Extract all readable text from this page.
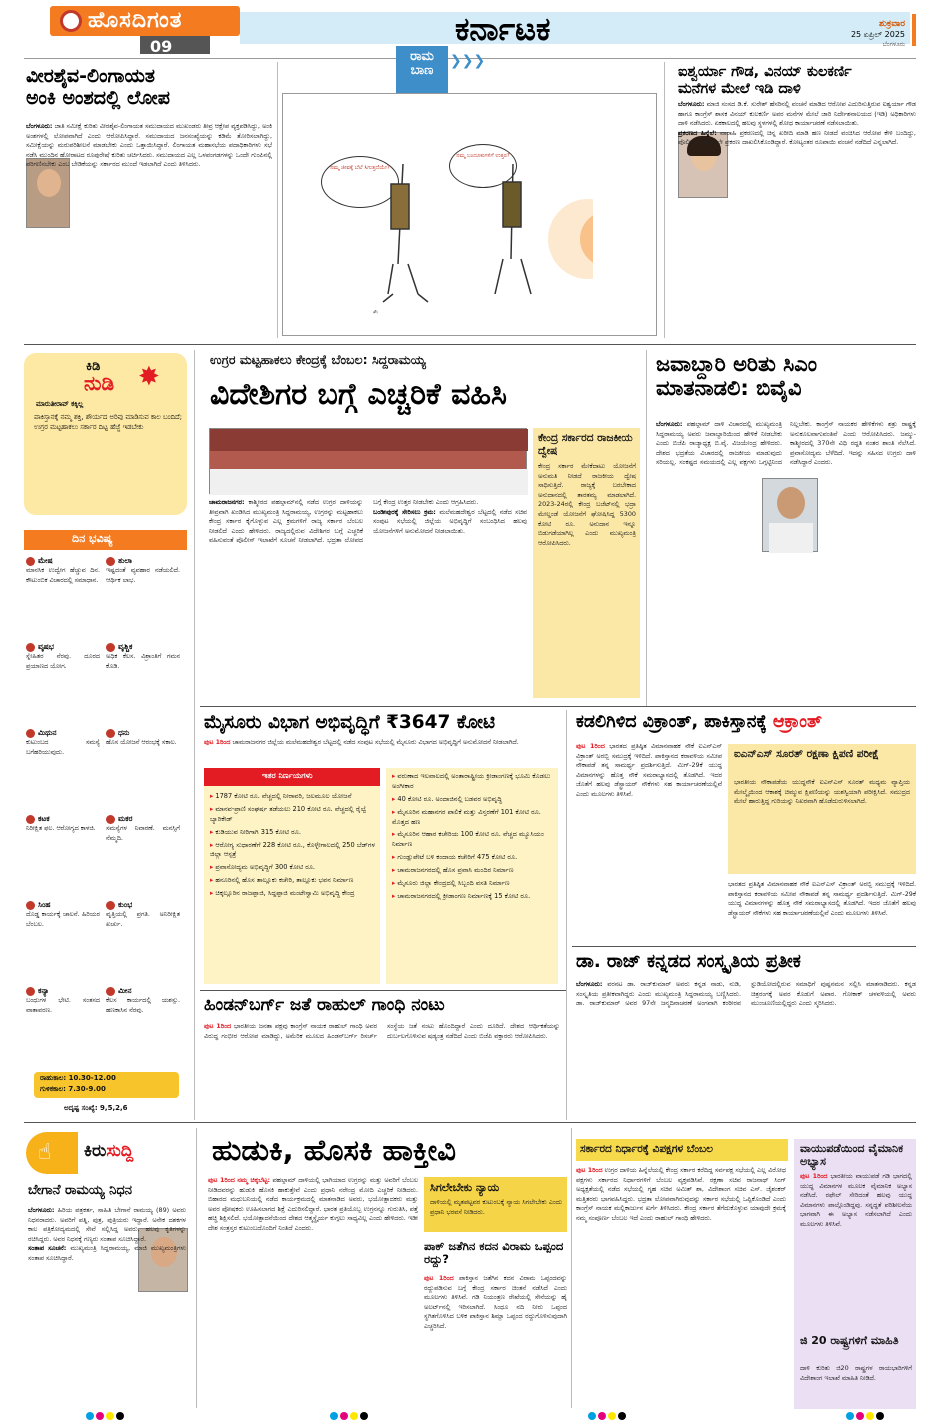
ಹೊಸದಿಗಂತ
09	ಕರ್ನಾಟಕ	ಶುಕ್ರವಾರ
25 ಏಪ್ರಿಲ್ 2025
ಬೆಂಗಳೂರು
ವೀರಶೈವ-ಲಿಂಗಾಯತ
ಅಂಕಿ ಅಂಶದಲ್ಲಿ ಲೋಪ
ಬೆಂಗಳೂರು: ಜಾತಿ ಸಮೀಕ್ಷೆ ಕುರಿತು ವೀರಶೈವ-ಲಿಂಗಾಯತ ಸಮುದಾಯದ ಮುಖಂಡರು ತೀವ್ರ ಆಕ್ಷೇಪ ವ್ಯಕ್ತಪಡಿಸಿದ್ದು, ಅಂಕಿ ಅಂಶಗಳಲ್ಲಿ ಲೋಪವಾಗಿದೆ ಎಂದು ಆರೋಪಿಸಿದ್ದಾರೆ. ಸಮುದಾಯದ ಜನಸಂಖ್ಯೆಯನ್ನು ಕಡಿಮೆ ತೋರಿಸಲಾಗಿದ್ದು, ಸಮೀಕ್ಷೆಯನ್ನು ಮರುಪರಿಶೀಲನೆ ಮಾಡಬೇಕು ಎಂದು ಒತ್ತಾಯಿಸಿದ್ದಾರೆ. ಲಿಂಗಾಯತ ಮಹಾಸಭೆಯ ಪದಾಧಿಕಾರಿಗಳು ಸಭೆ ನಡೆಸಿ ಮುಂದಿನ ಹೋರಾಟದ ರೂಪುರೇಷೆ ಕುರಿತು ಚರ್ಚಿಸಿದರು. ಸಮುದಾಯದ ಎಲ್ಲ ಒಳಪಂಗಡಗಳನ್ನು ಒಂದೇ ಗುಂಪಿನಲ್ಲಿ ಪರಿಗಣಿಸಬೇಕು ಎಂಬ ಬೇಡಿಕೆಯನ್ನು ಸರ್ಕಾರದ ಮುಂದೆ ಇಡಲಾಗಿದೆ ಎಂದು ತಿಳಿಸಿದರು.
ರಾಮ
ಬಾಣ
❯❯❯
ನಮ್ಮ ಜೀವಕ್ಕೆ ಬೆಲೆ ಸಿಗುತ್ತದೆಯೇ?
ನಮ್ಮ ಬಂದೂಕುಗಳಿಗೆ ಉತ್ತರ?
✍
ಐಶ್ವರ್ಯಾ ಗೌಡ, ವಿನಯ್ ಕುಲಕರ್ಣಿ
ಮನೆಗಳ ಮೇಲೆ ಇಡಿ ದಾಳಿ
ಬೆಂಗಳೂರು: ಮಾಜಿ ಸಂಸದ ಡಿ.ಕೆ. ಸುರೇಶ್ ಹೆಸರಿನಲ್ಲಿ ವಂಚನೆ ಮಾಡಿದ ಆರೋಪ ಎದುರಿಸುತ್ತಿರುವ ಐಶ್ವರ್ಯಾ ಗೌಡ ಹಾಗೂ ಕಾಂಗ್ರೆಸ್ ಶಾಸಕ ವಿನಯ್ ಕುಲಕರ್ಣಿ ಅವರ ಮನೆಗಳ ಮೇಲೆ ಜಾರಿ ನಿರ್ದೇಶನಾಲಯದ (ಇಡಿ) ಅಧಿಕಾರಿಗಳು ದಾಳಿ ನಡೆಸಿದರು. ಏಕಕಾಲದಲ್ಲಿ ಹಲವು ಸ್ಥಳಗಳಲ್ಲಿ ಶೋಧ ಕಾರ್ಯಾಚರಣೆ ನಡೆಸಲಾಯಿತು.
ಪ್ರಕರಣದ ಹಿನ್ನೆಲೆ: ವಾರಾಹಿ ಪ್ರಕರಣದಲ್ಲಿ ಚಿನ್ನ ಖರೀದಿ ಮಾಡಿ ಹಣ ನೀಡದೆ ವಂಚಿಸಿದ ಆರೋಪ ಕೇಳಿ ಬಂದಿದ್ದು, ಪೊಲೀಸರು ಈಗಾಗಲೇ ಪ್ರಕರಣ ದಾಖಲಿಸಿಕೊಂಡಿದ್ದಾರೆ. ಕೋಟ್ಯಂತರ ರೂಪಾಯಿ ವಂಚನೆ ನಡೆದಿದೆ ಎನ್ನಲಾಗಿದೆ.
ಕಿಡಿ
ನುಡಿ ✸
ಮಾರುತೀರಾವ್ ಕಕ್ಕಿಲ್ಲ
ಪಾಕಿಸ್ತಾನಕ್ಕೆ ನಮ್ಮ ಶಕ್ತಿ, ಶೌರ್ಯದ ಅರಿವು ಮಾಡಿಸುವ ಕಾಲ ಬಂದಿದೆ; ಉಗ್ರರ ಮಟ್ಟಹಾಕಲು ಸರ್ಕಾರ ದಿಟ್ಟ ಹೆಜ್ಜೆ ಇಡಬೇಕು
ದಿನ ಭವಿಷ್ಯ
ಮೇಷ
ಮಾನಸಿಕ ಉದ್ವೇಗ ಹೆಚ್ಚುವ ದಿನ. ಕೌಟುಂಬಿಕ ವಿಚಾರದಲ್ಲಿ ಸಮಾಧಾನ.
ತುಲಾ
ಇಷ್ಟದಂತೆ ವ್ಯವಹಾರ ನಡೆಯಲಿದೆ. ಆರ್ಥಿಕ ಲಾಭ.
ವೃಷಭ
ಸ್ನೇಹಿತರ ನೆರವು. ದೂರದ ಪ್ರಯಾಣದ ಯೋಗ.
ವೃಶ್ಚಿಕ
ಅಧಿಕ ಕೆಲಸ. ವಿಶ್ರಾಂತಿಗೆ ಗಮನ ಕೊಡಿ.
ಮಿಥುನ
ಕುಟುಂಬದ ಸಮಸ್ಯೆ ಬಗೆಹರಿಯುವುದು.
ಧನು
ಹೊಸ ಯೋಜನೆ ಆರಂಭಕ್ಕೆ ಸಕಾಲ.
ಕಟಕ
ನಿರೀಕ್ಷಿತ ಫಲ. ಆರೋಗ್ಯದ ಕಾಳಜಿ.
ಮಕರ
ಸಮಸ್ಯೆಗಳ ನಿವಾರಣೆ. ಮನಸ್ಸಿಗೆ ನೆಮ್ಮದಿ.
ಸಿಂಹ
ದೊಡ್ಡ ಕಾರ್ಯಕ್ಕೆ ಚಾಲನೆ. ಹಿರಿಯರ ಬೆಂಬಲ.
ಕುಂಭ
ವೃತ್ತಿಯಲ್ಲಿ ಪ್ರಗತಿ. ಅನಿರೀಕ್ಷಿತ ಖರ್ಚು.
ಕನ್ಯಾ
ಬಂಧುಗಳ ಭೇಟಿ. ಸಂತಸದ ವಾತಾವರಣ.
ಮೀನ
ಕೆಲಸ ಕಾರ್ಯದಲ್ಲಿ ಯಶಸ್ಸು. ಹಣಕಾಸಿನ ನೆರವು.
ರಾಹುಕಾಲ: 10.30-12.00
ಗುಳಿಕಕಾಲ: 7.30-9.00
ಅದೃಷ್ಟ ಸಂಖ್ಯೆ: 9,5,2,6
ಉಗ್ರರ ಮಟ್ಟಹಾಕಲು ಕೇಂದ್ರಕ್ಕೆ ಬೆಂಬಲ: ಸಿದ್ದರಾಮಯ್ಯ
ವಿದೇಶಿಗರ ಬಗ್ಗೆ ಎಚ್ಚರಿಕೆ ವಹಿಸಿ
ಚಾಮರಾಜನಗರ: ಕಾಶ್ಮೀರದ ಪಹಲ್ಗಾಮ್‌ನಲ್ಲಿ ನಡೆದ ಉಗ್ರರ ದಾಳಿಯನ್ನು ತೀವ್ರವಾಗಿ ಖಂಡಿಸಿದ ಮುಖ್ಯಮಂತ್ರಿ ಸಿದ್ದರಾಮಯ್ಯ, ಉಗ್ರರನ್ನು ಮಟ್ಟಹಾಕಲು ಕೇಂದ್ರ ಸರ್ಕಾರ ಕೈಗೊಳ್ಳುವ ಎಲ್ಲ ಕ್ರಮಗಳಿಗೆ ರಾಜ್ಯ ಸರ್ಕಾರ ಬೆಂಬಲ ನೀಡಲಿದೆ ಎಂದು ಹೇಳಿದರು. ರಾಜ್ಯದಲ್ಲಿರುವ ವಿದೇಶಿಗರ ಬಗ್ಗೆ ಎಚ್ಚರಿಕೆ ವಹಿಸುವಂತೆ ಪೊಲೀಸ್ ಇಲಾಖೆಗೆ ಸೂಚನೆ ನೀಡಲಾಗಿದೆ. ಭದ್ರತಾ ಲೋಪದ ಬಗ್ಗೆ ಕೇಂದ್ರ ಉತ್ತರ ನೀಡಬೇಕು ಎಂದು ಆಗ್ರಹಿಸಿದರು.
ಬಂಡೀಪುರಕ್ಕೆ ಸೇರಿಸಲು ಕ್ರಮ: ಮಲೆಮಹದೇಶ್ವರ ಬೆಟ್ಟದಲ್ಲಿ ನಡೆದ ಸಚಿವ ಸಂಪುಟ ಸಭೆಯಲ್ಲಿ ಜಿಲ್ಲೆಯ ಅಭಿವೃದ್ಧಿಗೆ ಸಂಬಂಧಿಸಿದ ಹಲವು ಯೋಜನೆಗಳಿಗೆ ಅನುಮೋದನೆ ನೀಡಲಾಯಿತು.
ಕೇಂದ್ರ ಸರ್ಕಾರದ ರಾಜಕೀಯ ದ್ವೇಷ
ಕೇಂದ್ರ ಸರ್ಕಾರ ಮೇಕೆದಾಟು ಯೋಜನೆಗೆ ಅನುಮತಿ ನೀಡದೆ ರಾಜಕೀಯ ದ್ವೇಷ ಸಾಧಿಸುತ್ತಿದೆ. ರಾಜ್ಯಕ್ಕೆ ಬರಬೇಕಾದ ಅನುದಾನದಲ್ಲಿ ತಾರತಮ್ಯ ಮಾಡಲಾಗಿದೆ. 2023-24ರಲ್ಲಿ ಕೇಂದ್ರ ಬಜೆಟ್‌ನಲ್ಲಿ ಭದ್ರಾ ಮೇಲ್ದಂಡೆ ಯೋಜನೆಗೆ ಘೋಷಿಸಿದ್ದ 5300 ಕೋಟಿ ರೂ. ಅನುದಾನ ಇನ್ನೂ ಬಿಡುಗಡೆಯಾಗಿಲ್ಲ ಎಂದು ಮುಖ್ಯಮಂತ್ರಿ ಆರೋಪಿಸಿದರು.
ಜವಾಬ್ದಾರಿ ಅರಿತು ಸಿಎಂ
ಮಾತನಾಡಲಿ: ಬಿವೈವಿ
ಬೆಂಗಳೂರು: ಪಹಲ್ಗಾಮ್ ದಾಳಿ ವಿಚಾರದಲ್ಲಿ ಮುಖ್ಯಮಂತ್ರಿ ಸಿದ್ದರಾಮಯ್ಯ ಅವರು ಜವಾಬ್ದಾರಿಯಿಂದ ಹೇಳಿಕೆ ನೀಡಬೇಕು ಎಂದು ಬಿಜೆಪಿ ರಾಜ್ಯಾಧ್ಯಕ್ಷ ಬಿ.ವೈ. ವಿಜಯೇಂದ್ರ ಹೇಳಿದರು. ದೇಶದ ಭದ್ರತೆಯ ವಿಚಾರದಲ್ಲಿ ರಾಜಕೀಯ ಮಾಡುವುದು ಸರಿಯಲ್ಲ. ಸಂಕಷ್ಟದ ಸಮಯದಲ್ಲಿ ಎಲ್ಲ ಪಕ್ಷಗಳು ಒಗ್ಗಟ್ಟಿನಿಂದ ನಿಲ್ಲಬೇಕು. ಕಾಂಗ್ರೆಸ್ ನಾಯಕರ ಹೇಳಿಕೆಗಳು ಶತ್ರು ರಾಷ್ಟ್ರಕ್ಕೆ ಅನುಕೂಲವಾಗುವಂತಿವೆ ಎಂದು ಆರೋಪಿಸಿದರು. ಜಮ್ಮು-ಕಾಶ್ಮೀರದಲ್ಲಿ 370ನೇ ವಿಧಿ ರದ್ದತಿ ನಂತರ ಶಾಂತಿ ನೆಲೆಸಿದೆ. ಪ್ರವಾಸೋದ್ಯಮ ಬೆಳೆದಿದೆ. ಇದನ್ನು ಸಹಿಸದ ಉಗ್ರರು ದಾಳಿ ನಡೆಸಿದ್ದಾರೆ ಎಂದರು.
ಮೈಸೂರು ವಿಭಾಗ ಅಭಿವೃದ್ಧಿಗೆ ₹3647 ಕೋಟಿ
ಪುಟ 1ರಿಂದ ಚಾಮರಾಜನಗರ ಜಿಲ್ಲೆಯ ಮಲೆಮಹದೇಶ್ವರ ಬೆಟ್ಟದಲ್ಲಿ ನಡೆದ ಸಂಪುಟ ಸಭೆಯಲ್ಲಿ ಮೈಸೂರು ವಿಭಾಗದ ಅಭಿವೃದ್ಧಿಗೆ ಅನುಮೋದನೆ ನೀಡಲಾಗಿದೆ.
ಇತರ ನಿರ್ಣಯಗಳು
▸ 1787 ಕೋಟಿ ರೂ. ವೆಚ್ಚದಲ್ಲಿ ನೀರಾವರಿ, ಜಲಮೂಲ ಯೋಜನೆ
▸ ಮಾನವ-ಪ್ರಾಣಿ ಸಂಘರ್ಷ ತಡೆಯಲು 210 ಕೋಟಿ ರೂ. ವೆಚ್ಚದಲ್ಲಿ ರೈಲ್ವೆ ಬ್ಯಾರಿಕೇಡ್
▸ ಕುಡಿಯುವ ನೀರಿಗಾಗಿ 315 ಕೋಟಿ ರೂ.
▸ ಆರೋಗ್ಯ ಸುಧಾರಣೆಗೆ 228 ಕೋಟಿ ರೂ., ಕೊಳ್ಳೇಗಾಲದಲ್ಲಿ 250 ಬೆಡ್‌ಗಳ ಜಿಲ್ಲಾ ಆಸ್ಪತ್ರೆ
▸ ಪ್ರವಾಸೋದ್ಯಮ ಅಭಿವೃದ್ಧಿಗೆ 300 ಕೋಟಿ ರೂ.
▸ ಹನೂರಿನಲ್ಲಿ ಹೊಸ ತಾಲ್ಲೂಕು ಕಚೇರಿ, ತಾಲ್ಲೂಕು ಭವನ ನಿರ್ಮಾಣ
▸ ಚಿಕ್ಕಲ್ಲೂರಿನ ರಾಜಪ್ಪಾಜಿ, ಸಿದ್ದಪ್ಪಾಜಿ ಮಂಟೇಸ್ವಾಮಿ ಅಭಿವೃದ್ಧಿ ಕೇಂದ್ರ
▸ ವರುಣಾದ ಇಲವಾಲದಲ್ಲಿ ಅಂತಾರಾಷ್ಟ್ರೀಯ ಕ್ರೀಡಾಂಗಣಕ್ಕೆ ಭೂಮಿ ಕೊಡಲು ಅಂಗೀಕಾರ
▸ 40 ಕೋಟಿ ರೂ. ಅಂದಾಜಿನಲ್ಲಿ ಬಡವರ ಅಭಿವೃದ್ಧಿ
▸ ಮೈಸೂರಿನ ಮಹಾನಗರ ಪಾಲಿಕೆ ಮತ್ತು ವಿಸ್ತರಣೆಗೆ 101 ಕೋಟಿ ರೂ. ಮೊತ್ತದ ಹಣ
▸ ಮೈಸೂರಿನ ಆಹಾರ ಕಚೇರಿಯ 100 ಕೋಟಿ ರೂ. ವೆಚ್ಚದ ಮ್ಯೂಸಿಯಂ ನಿರ್ಮಾಣ
▸ ಗುಂಡ್ಲುಪೇಟೆ ಬಳಿ ಕಂದಾಯ ಕಚೇರಿಗೆ 475 ಕೋಟಿ ರೂ.
▸ ಚಾಮರಾಜನಗರದಲ್ಲಿ ಹೊಸ ಪ್ರವಾಸಿ ಮಂದಿರ ನಿರ್ಮಾಣ
▸ ಮೈಸೂರು ಜಿಲ್ಲಾ ಕೇಂದ್ರದಲ್ಲಿ ಸಿಬ್ಬಂದಿ ವಸತಿ ನಿರ್ಮಾಣ
▸ ಚಾಮರಾಜನಗರದಲ್ಲಿ ಕ್ರೀಡಾಂಗಣ ನಿರ್ಮಾಣಕ್ಕೆ 15 ಕೋಟಿ ರೂ.
ಕಡಲಿಗಿಳಿದ ವಿಕ್ರಾಂತ್, ಪಾಕಿಸ್ತಾನಕ್ಕೆ ಆಕ್ರಾಂತ್
ಪುಟ 1ರಿಂದ ಭಾರತದ ಪ್ರತಿಷ್ಠಿತ ವಿಮಾನವಾಹಕ ನೌಕೆ ಐಎನ್‌ಎಸ್ ವಿಕ್ರಾಂತ್ ಅರಬ್ಬಿ ಸಮುದ್ರಕ್ಕೆ ಇಳಿದಿದೆ. ಪಾಕಿಸ್ತಾನದ ಕರಾವಳಿಯ ಸಮೀಪ ನೌಕಾಪಡೆ ತನ್ನ ಸಾಮರ್ಥ್ಯ ಪ್ರದರ್ಶಿಸುತ್ತಿದೆ. ಮಿಗ್-29ಕೆ ಯುದ್ಧ ವಿಮಾನಗಳನ್ನು ಹೊತ್ತ ನೌಕೆ ಸಮರಾಭ್ಯಾಸದಲ್ಲಿ ತೊಡಗಿದೆ. ಇದರ ಜೊತೆಗೆ ಹಲವು ಡೆಸ್ಟ್ರಾಯರ್ ನೌಕೆಗಳು ಸಹ ಕಾರ್ಯಾಚರಣೆಯಲ್ಲಿವೆ ಎಂದು ಮೂಲಗಳು ತಿಳಿಸಿವೆ.
ಐಎನ್‌ಎಸ್ ಸೂರತ್ ರಕ್ಷಣಾ ಕ್ಷಿಪಣಿ ಪರೀಕ್ಷೆ
ಭಾರತೀಯ ನೌಕಾಪಡೆಯ ಯುದ್ಧನೌಕೆ ಐಎನ್‌ಎಸ್ ಸೂರತ್ ಮಧ್ಯಮ ವ್ಯಾಪ್ತಿಯ ಮೇಲ್ಮೈಯಿಂದ ಆಕಾಶಕ್ಕೆ ಚಿಮ್ಮುವ ಕ್ಷಿಪಣಿಯನ್ನು ಯಶಸ್ವಿಯಾಗಿ ಪರೀಕ್ಷಿಸಿದೆ. ಸಮುದ್ರದ ಮೇಲೆ ಹಾರುತ್ತಿದ್ದ ಗುರಿಯನ್ನು ನಿಖರವಾಗಿ ಹೊಡೆದುರುಳಿಸಲಾಗಿದೆ.
ಭಾರತದ ಪ್ರತಿಷ್ಠಿತ ವಿಮಾನವಾಹಕ ನೌಕೆ ಐಎನ್‌ಎಸ್ ವಿಕ್ರಾಂತ್ ಅರಬ್ಬಿ ಸಮುದ್ರಕ್ಕೆ ಇಳಿದಿದೆ. ಪಾಕಿಸ್ತಾನದ ಕರಾವಳಿಯ ಸಮೀಪ ನೌಕಾಪಡೆ ತನ್ನ ಸಾಮರ್ಥ್ಯ ಪ್ರದರ್ಶಿಸುತ್ತಿದೆ. ಮಿಗ್-29ಕೆ ಯುದ್ಧ ವಿಮಾನಗಳನ್ನು ಹೊತ್ತ ನೌಕೆ ಸಮರಾಭ್ಯಾಸದಲ್ಲಿ ತೊಡಗಿದೆ. ಇದರ ಜೊತೆಗೆ ಹಲವು ಡೆಸ್ಟ್ರಾಯರ್ ನೌಕೆಗಳು ಸಹ ಕಾರ್ಯಾಚರಣೆಯಲ್ಲಿವೆ ಎಂದು ಮೂಲಗಳು ತಿಳಿಸಿವೆ.
ಡಾ. ರಾಜ್ ಕನ್ನಡದ ಸಂಸ್ಕೃತಿಯ ಪ್ರತೀಕ
ಬೆಂಗಳೂರು: ವರನಟ ಡಾ. ರಾಜ್‌ಕುಮಾರ್ ಅವರು ಕನ್ನಡ ನಾಡು, ನುಡಿ, ಸಂಸ್ಕೃತಿಯ ಪ್ರತೀಕವಾಗಿದ್ದರು ಎಂದು ಮುಖ್ಯಮಂತ್ರಿ ಸಿದ್ದರಾಮಯ್ಯ ಬಣ್ಣಿಸಿದರು. ಡಾ. ರಾಜ್‌ಕುಮಾರ್ ಅವರ 97ನೇ ಜನ್ಮದಿನಾಚರಣೆ ಅಂಗವಾಗಿ ಕಂಠೀರವ ಸ್ಟುಡಿಯೋದಲ್ಲಿರುವ ಸಮಾಧಿಗೆ ಪುಷ್ಪನಮನ ಸಲ್ಲಿಸಿ ಮಾತನಾಡಿದರು. ಕನ್ನಡ ಚಿತ್ರರಂಗಕ್ಕೆ ಅವರ ಕೊಡುಗೆ ಅಪಾರ. ಗೋಕಾಕ್ ಚಳವಳಿಯಲ್ಲಿ ಅವರು ಮುಂಚೂಣಿಯಲ್ಲಿದ್ದರು ಎಂದು ಸ್ಮರಿಸಿದರು.
ಹಿಂಡನ್‌ಬರ್ಗ್ ಜತೆ ರಾಹುಲ್ ಗಾಂಧಿ ನಂಟು
ಪುಟ 1ರಿಂದ ಭಾರತೀಯ ಜನತಾ ಪಕ್ಷವು ಕಾಂಗ್ರೆಸ್ ನಾಯಕ ರಾಹುಲ್ ಗಾಂಧಿ ಅವರ ವಿರುದ್ಧ ಗಂಭೀರ ಆರೋಪ ಮಾಡಿದ್ದು, ಅಮೆರಿಕ ಮೂಲದ ಹಿಂಡನ್‌ಬರ್ಗ್ ರಿಸರ್ಚ್ ಸಂಸ್ಥೆಯ ಜತೆ ನಂಟು ಹೊಂದಿದ್ದಾರೆ ಎಂದು ದೂರಿದೆ. ದೇಶದ ಆರ್ಥಿಕತೆಯನ್ನು ದುರ್ಬಲಗೊಳಿಸುವ ಷಡ್ಯಂತ್ರ ನಡೆದಿದೆ ಎಂದು ಬಿಜೆಪಿ ವಕ್ತಾರರು ಆರೋಪಿಸಿದರು.
☝ ಕಿರುಸುದ್ದಿ
ಬೇಗಾನೆ ರಾಮಯ್ಯ ನಿಧನ
ಬೆಂಗಳೂರು: ಹಿರಿಯ ಪತ್ರಕರ್ತ, ಸಾಹಿತಿ ಬೇಗಾನೆ ರಾಮಯ್ಯ (89) ಅವರು ನಿಧನರಾದರು. ಅವರಿಗೆ ಪತ್ನಿ, ಪುತ್ರ, ಪುತ್ರಿಯರು ಇದ್ದಾರೆ. ಅನೇಕ ದಶಕಗಳ ಕಾಲ ಪತ್ರಿಕೋದ್ಯಮದಲ್ಲಿ ಸೇವೆ ಸಲ್ಲಿಸಿದ್ದ ಅವರು, ಹಲವು ಕೃತಿಗಳನ್ನು ರಚಿಸಿದ್ದರು. ಅವರ ನಿಧನಕ್ಕೆ ಗಣ್ಯರು ಸಂತಾಪ ಸೂಚಿಸಿದ್ದಾರೆ.
ಸಂತಾಪ ಸೂಚನೆ: ಮುಖ್ಯಮಂತ್ರಿ ಸಿದ್ದರಾಮಯ್ಯ, ಮಾಜಿ ಮುಖ್ಯಮಂತ್ರಿಗಳು ಸಂತಾಪ ಸೂಚಿಸಿದ್ದಾರೆ.
ಹುಡುಕಿ, ಹೊಸಕಿ ಹಾಕ್ತೀವಿ
ಪುಟ 1ರಿಂದ ನಮ್ಮ ಚಿಕ್ಕಬೆಟ್ಟ: ಪಹಲ್ಗಾಮ್ ದಾಳಿಯಲ್ಲಿ ಭಾಗಿಯಾದ ಉಗ್ರರನ್ನು ಮತ್ತು ಅವರಿಗೆ ಬೆಂಬಲ ನೀಡಿದವರನ್ನು ಹುಡುಕಿ ಹೊಸಕಿ ಹಾಕುತ್ತೇವೆ ಎಂದು ಪ್ರಧಾನಿ ನರೇಂದ್ರ ಮೋದಿ ಎಚ್ಚರಿಕೆ ನೀಡಿದರು. ಬಿಹಾರದ ಮಧುಬನಿಯಲ್ಲಿ ನಡೆದ ಕಾರ್ಯಕ್ರಮದಲ್ಲಿ ಮಾತನಾಡಿದ ಅವರು, ಭಯೋತ್ಪಾದಕರು ಮತ್ತು ಅವರ ಪೋಷಕರು ಊಹಿಸಲಾಗದ ಶಿಕ್ಷೆ ಎದುರಿಸಲಿದ್ದಾರೆ. ಭಾರತ ಪ್ರತಿಯೊಬ್ಬ ಉಗ್ರನನ್ನೂ ಗುರುತಿಸಿ, ಪತ್ತೆ ಹಚ್ಚಿ ಶಿಕ್ಷಿಸಲಿದೆ. ಭಯೋತ್ಪಾದನೆಯಿಂದ ದೇಶದ ಆತ್ಮಸ್ಥೈರ್ಯ ಕುಗ್ಗಲು ಸಾಧ್ಯವಿಲ್ಲ ಎಂದು ಹೇಳಿದರು. ಇಡೀ ದೇಶ ಸಂತ್ರಸ್ತರ ಕುಟುಂಬದೊಂದಿಗೆ ನಿಂತಿದೆ ಎಂದರು.
ಸಿಗಲೇಬೇಕು ನ್ಯಾಯ
ದಾಳಿಯಲ್ಲಿ ಮೃತಪಟ್ಟವರ ಕುಟುಂಬಕ್ಕೆ ನ್ಯಾಯ ಸಿಗಲೇಬೇಕು ಎಂದು ಪ್ರಧಾನಿ ಭರವಸೆ ನೀಡಿದರು.
ಪಾಕ್ ಜತೆಗಿನ ಕದನ ವಿರಾಮ ಒಪ್ಪಂದ ರದ್ದು?
ಪುಟ 1ರಿಂದ ಪಾಕಿಸ್ತಾನ ಜತೆಗಿನ ಕದನ ವಿರಾಮ ಒಪ್ಪಂದವನ್ನು ರದ್ದುಪಡಿಸುವ ಬಗ್ಗೆ ಕೇಂದ್ರ ಸರ್ಕಾರ ಚಿಂತನೆ ನಡೆಸಿದೆ ಎಂದು ಮೂಲಗಳು ತಿಳಿಸಿವೆ. ಗಡಿ ನಿಯಂತ್ರಣ ರೇಖೆಯಲ್ಲಿ ಸೇನೆಯನ್ನು ಹೈ ಅಲರ್ಟ್‌ನಲ್ಲಿ ಇರಿಸಲಾಗಿದೆ. ಸಿಂಧೂ ನದಿ ನೀರು ಒಪ್ಪಂದ ಸ್ಥಗಿತಗೊಳಿಸಿದ ಬಳಿಕ ಪಾಕಿಸ್ತಾನ ಶಿಮ್ಲಾ ಒಪ್ಪಂದ ರದ್ದುಗೊಳಿಸುವುದಾಗಿ ಎಚ್ಚರಿಸಿದೆ.
ಸರ್ಕಾರದ ನಿರ್ಧಾರಕ್ಕೆ ವಿಪಕ್ಷಗಳ ಬೆಂಬಲ
ಪುಟ 1ರಿಂದ ಉಗ್ರರ ದಾಳಿಯ ಹಿನ್ನೆಲೆಯಲ್ಲಿ ಕೇಂದ್ರ ಸರ್ಕಾರ ಕರೆದಿದ್ದ ಸರ್ವಪಕ್ಷ ಸಭೆಯಲ್ಲಿ ಎಲ್ಲ ವಿರೋಧ ಪಕ್ಷಗಳು ಸರ್ಕಾರದ ನಿರ್ಧಾರಗಳಿಗೆ ಬೆಂಬಲ ವ್ಯಕ್ತಪಡಿಸಿವೆ. ರಕ್ಷಣಾ ಸಚಿವ ರಾಜನಾಥ್ ಸಿಂಗ್ ಅಧ್ಯಕ್ಷತೆಯಲ್ಲಿ ನಡೆದ ಸಭೆಯಲ್ಲಿ ಗೃಹ ಸಚಿವ ಅಮಿತ್ ಶಾ, ವಿದೇಶಾಂಗ ಸಚಿವ ಎಸ್. ಜೈಶಂಕರ್ ಮತ್ತಿತರರು ಭಾಗವಹಿಸಿದ್ದರು. ಭದ್ರತಾ ಲೋಪವಾಗಿರುವುದನ್ನು ಸರ್ಕಾರ ಸಭೆಯಲ್ಲಿ ಒಪ್ಪಿಕೊಂಡಿದೆ ಎಂದು ಕಾಂಗ್ರೆಸ್ ನಾಯಕ ಮಲ್ಲಿಕಾರ್ಜುನ ಖರ್ಗೆ ತಿಳಿಸಿದರು. ಕೇಂದ್ರ ಸರ್ಕಾರ ತೆಗೆದುಕೊಳ್ಳುವ ಯಾವುದೇ ಕ್ರಮಕ್ಕೆ ನಮ್ಮ ಸಂಪೂರ್ಣ ಬೆಂಬಲ ಇದೆ ಎಂದು ರಾಹುಲ್ ಗಾಂಧಿ ಹೇಳಿದರು.
ವಾಯುಪಡೆಯಿಂದ ವೈಮಾನಿಕ ಅಭ್ಯಾಸ
ಪುಟ 1ರಿಂದ ಭಾರತೀಯ ವಾಯುಪಡೆ ಗಡಿ ಭಾಗದಲ್ಲಿ ಯುದ್ಧ ವಿಮಾನಗಳ ಮೂಲಕ ವೈಮಾನಿಕ ಅಭ್ಯಾಸ ನಡೆಸಿದೆ. ರಫೇಲ್ ಸೇರಿದಂತೆ ಹಲವು ಯುದ್ಧ ವಿಮಾನಗಳು ಪಾಲ್ಗೊಂಡಿದ್ದವು. ಸನ್ನದ್ಧತೆ ಪರಿಶೀಲನೆಯ ಭಾಗವಾಗಿ ಈ ಅಭ್ಯಾಸ ನಡೆಸಲಾಗಿದೆ ಎಂದು ಮೂಲಗಳು ತಿಳಿಸಿವೆ.
ಜಿ 20 ರಾಷ್ಟ್ರಗಳಿಗೆ ಮಾಹಿತಿ
ದಾಳಿ ಕುರಿತು ಜಿ20 ರಾಷ್ಟ್ರಗಳ ರಾಯಭಾರಿಗಳಿಗೆ ವಿದೇಶಾಂಗ ಇಲಾಖೆ ಮಾಹಿತಿ ನೀಡಿದೆ.
